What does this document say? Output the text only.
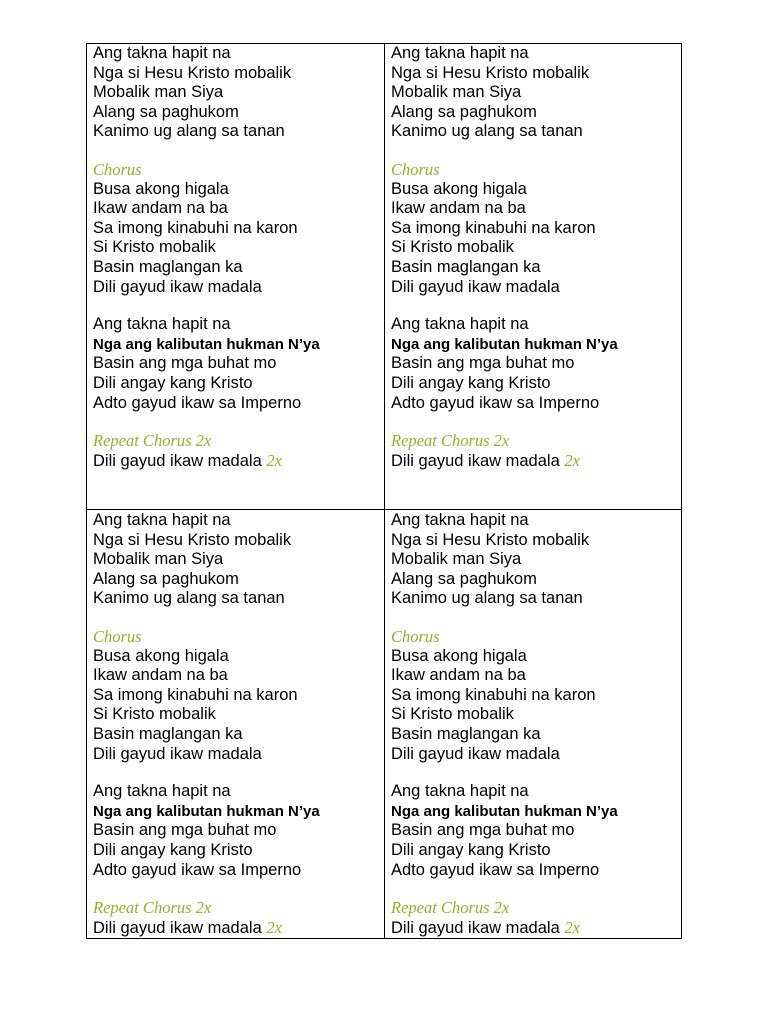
Ang takna hapit na
Nga si Hesu Kristo mobalik
Mobalik man Siya
Alang sa paghukom
Kanimo ug alang sa tanan
Chorus
Busa akong higala
Ikaw andam na ba
Sa imong kinabuhi na karon
Si Kristo mobalik
Basin maglangan ka
Dili gayud ikaw madala
Ang takna hapit na
Nga ang kalibutan hukman N’ya
Basin ang mga buhat mo
Dili angay kang Kristo
Adto gayud ikaw sa Imperno
Repeat Chorus 2x
Dili gayud ikaw madala 2x
Ang takna hapit na
Nga si Hesu Kristo mobalik
Mobalik man Siya
Alang sa paghukom
Kanimo ug alang sa tanan
Chorus
Busa akong higala
Ikaw andam na ba
Sa imong kinabuhi na karon
Si Kristo mobalik
Basin maglangan ka
Dili gayud ikaw madala
Ang takna hapit na
Nga ang kalibutan hukman N’ya
Basin ang mga buhat mo
Dili angay kang Kristo
Adto gayud ikaw sa Imperno
Repeat Chorus 2x
Dili gayud ikaw madala 2x
Ang takna hapit na
Nga si Hesu Kristo mobalik
Mobalik man Siya
Alang sa paghukom
Kanimo ug alang sa tanan
Chorus
Busa akong higala
Ikaw andam na ba
Sa imong kinabuhi na karon
Si Kristo mobalik
Basin maglangan ka
Dili gayud ikaw madala
Ang takna hapit na
Nga ang kalibutan hukman N’ya
Basin ang mga buhat mo
Dili angay kang Kristo
Adto gayud ikaw sa Imperno
Repeat Chorus 2x
Dili gayud ikaw madala 2x
Ang takna hapit na
Nga si Hesu Kristo mobalik
Mobalik man Siya
Alang sa paghukom
Kanimo ug alang sa tanan
Chorus
Busa akong higala
Ikaw andam na ba
Sa imong kinabuhi na karon
Si Kristo mobalik
Basin maglangan ka
Dili gayud ikaw madala
Ang takna hapit na
Nga ang kalibutan hukman N’ya
Basin ang mga buhat mo
Dili angay kang Kristo
Adto gayud ikaw sa Imperno
Repeat Chorus 2x
Dili gayud ikaw madala 2x
